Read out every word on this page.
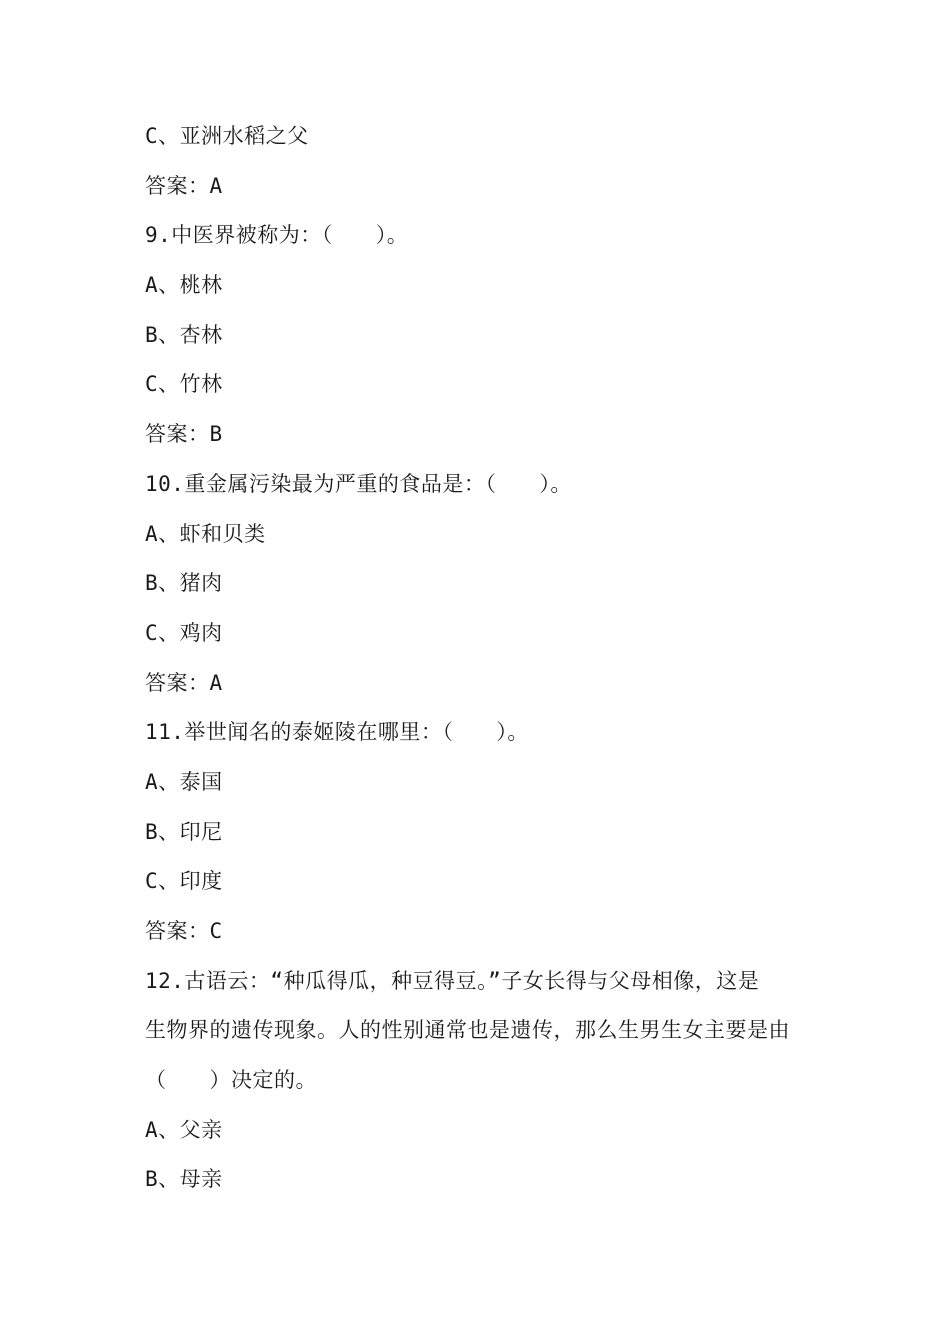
C、亚洲水稻之父
答案：A
9.中医界被称为：（　　）。
A、桃林
B、杏林
C、竹林
答案：B
10.重金属污染最为严重的食品是：（　　）。
A、虾和贝类
B、猪肉
C、鸡肉
答案：A
11.举世闻名的泰姬陵在哪里：（　　）。
A、泰国
B、印尼
C、印度
答案：C
12.古语云：“种瓜得瓜，种豆得豆。”子女长得与父母相像，这是
生物界的遗传现象。人的性别通常也是遗传，那么生男生女主要是由
（　　）决定的。
A、父亲
B、母亲
